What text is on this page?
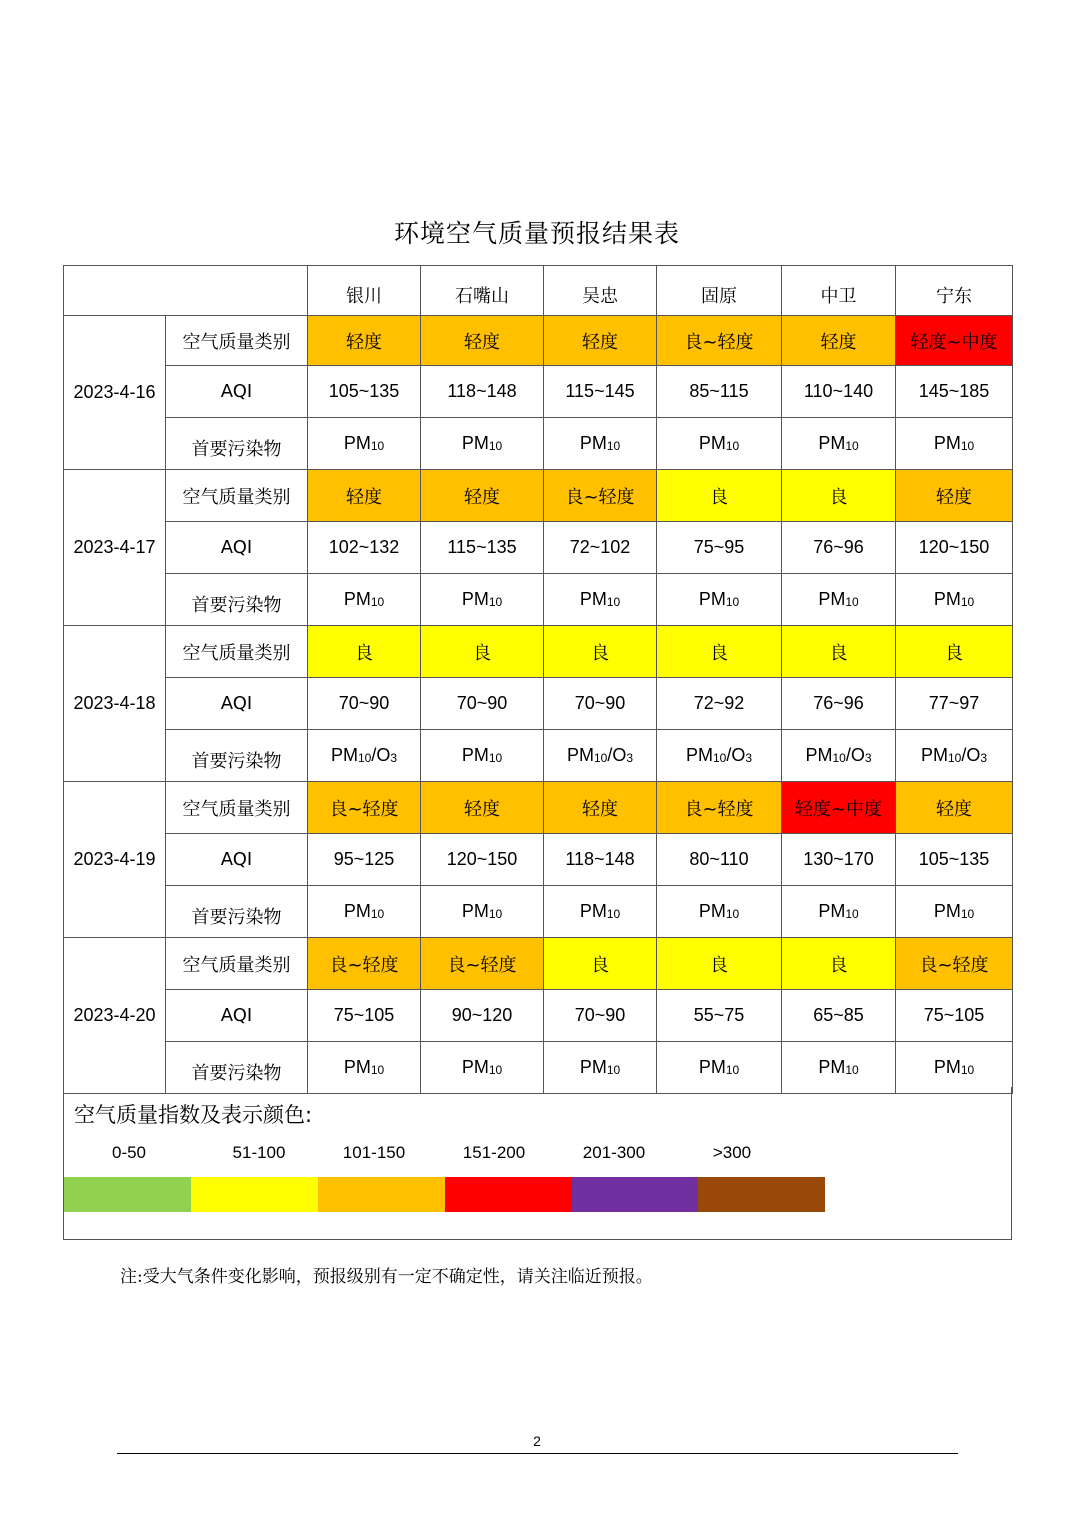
环境空气质量预报结果表
		银川	石嘴山	吴忠	固原	中卫	宁东
2023-4-16	空气质量类别	轻度	轻度	轻度	良~轻度	轻度	轻度~中度
	AQI	105~135	118~148	115~145	85~115	110~140	145~185
	首要污染物	$PM_{10}$	$PM_{10}$	$PM_{10}$	$PM_{10}$	$PM_{10}$	$PM_{10}$
2023-4-17	空气质量类别	轻度	轻度	良~轻度	良	良	轻度
	AQI	102~132	115~135	72~102	75~95	76~96	120~150
	首要污染物	$PM_{10}$	$PM_{10}$	$PM_{10}$	$PM_{10}$	$PM_{10}$	$PM_{10}$
2023-4-18	空气质量类别	良	良	良	良	良	良
	AQI	70~90	70~90	70~90	72~92	76~96	77~97
	首要污染物	$PM_{10}/O_3$	$PM_{10}$	$PM_{10}/O_3$	$PM_{10}/O_3$	$PM_{10}/O_3$	$PM_{10}/O_3$
2023-4-19	空气质量类别	良~轻度	轻度	轻度	良~轻度	轻度~中度	轻度
	AQI	95~125	120~150	118~148	80~110	130~170	105~135
	首要污染物	$PM_{10}$	$PM_{10}$	$PM_{10}$	$PM_{10}$	$PM_{10}$	$PM_{10}$
2023-4-20	空气质量类别	良~轻度	良~轻度	良	良	良	良~轻度
	AQI	75~105	90~120	70~90	55~75	65~85	75~105
	首要污染物	$PM_{10}$	$PM_{10}$	$PM_{10}$	$PM_{10}$	$PM_{10}$	$PM_{10}$
空气质量指数及表示颜色:
0-50	51-100	101-150	151-200	201-300	>300
注:受大气条件变化影响，预报级别有一定不确定性，请关注临近预报。
2
